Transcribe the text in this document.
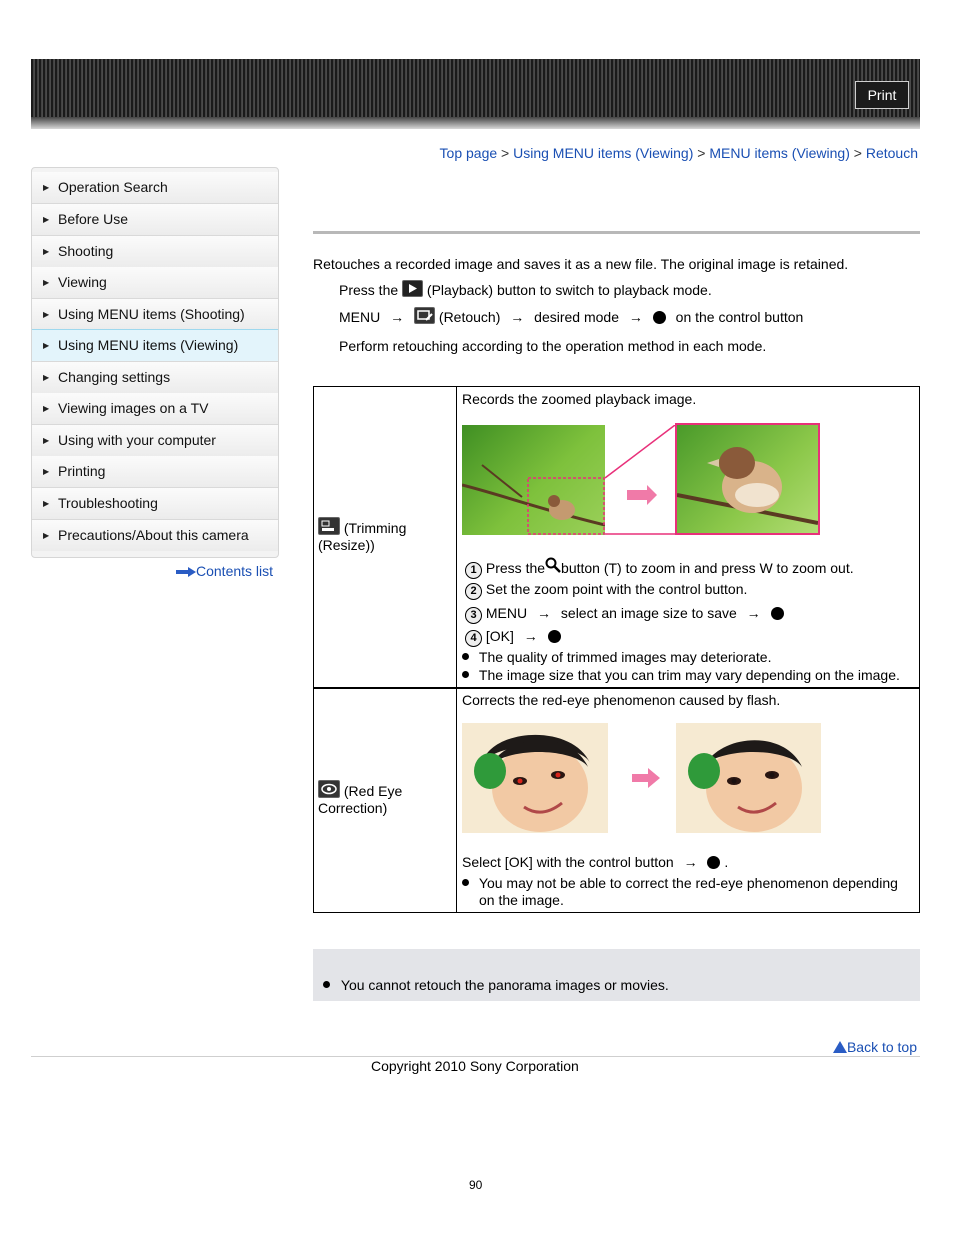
Print
Top page > Using MENU items (Viewing) > MENU items (Viewing) > Retouch
▶ Operation Search
▶ Before Use
▶ Shooting
▶ Viewing
▶ Using MENU items (Shooting)
▶ Using MENU items (Viewing)
▶ Changing settings
▶ Viewing images on a TV
▶ Using with your computer
▶ Printing
▶ Troubleshooting
▶ Precautions/About this camera
Contents list
Retouches a recorded image and saves it as a new file. The original image is retained.
Press the (Playback) button to switch to playback mode.
MENU → (Retouch) → desired mode → on the control button
Perform retouching according to the operation method in each mode.
(Trimming
(Resize))
Records the zoomed playback image.
1 Press the button (T) to zoom in and press W to zoom out.
2 Set the zoom point with the control button.
3 MENU → select an image size to save →
4 [OK] →
The quality of trimmed images may deteriorate.
The image size that you can trim may vary depending on the image.
(Red Eye
Correction)
Corrects the red-eye phenomenon caused by flash.
Select [OK] with the control button → .
You may not be able to correct the red-eye phenomenon depending
on the image.
You cannot retouch the panorama images or movies.
Back to top
Copyright 2010 Sony Corporation
90
